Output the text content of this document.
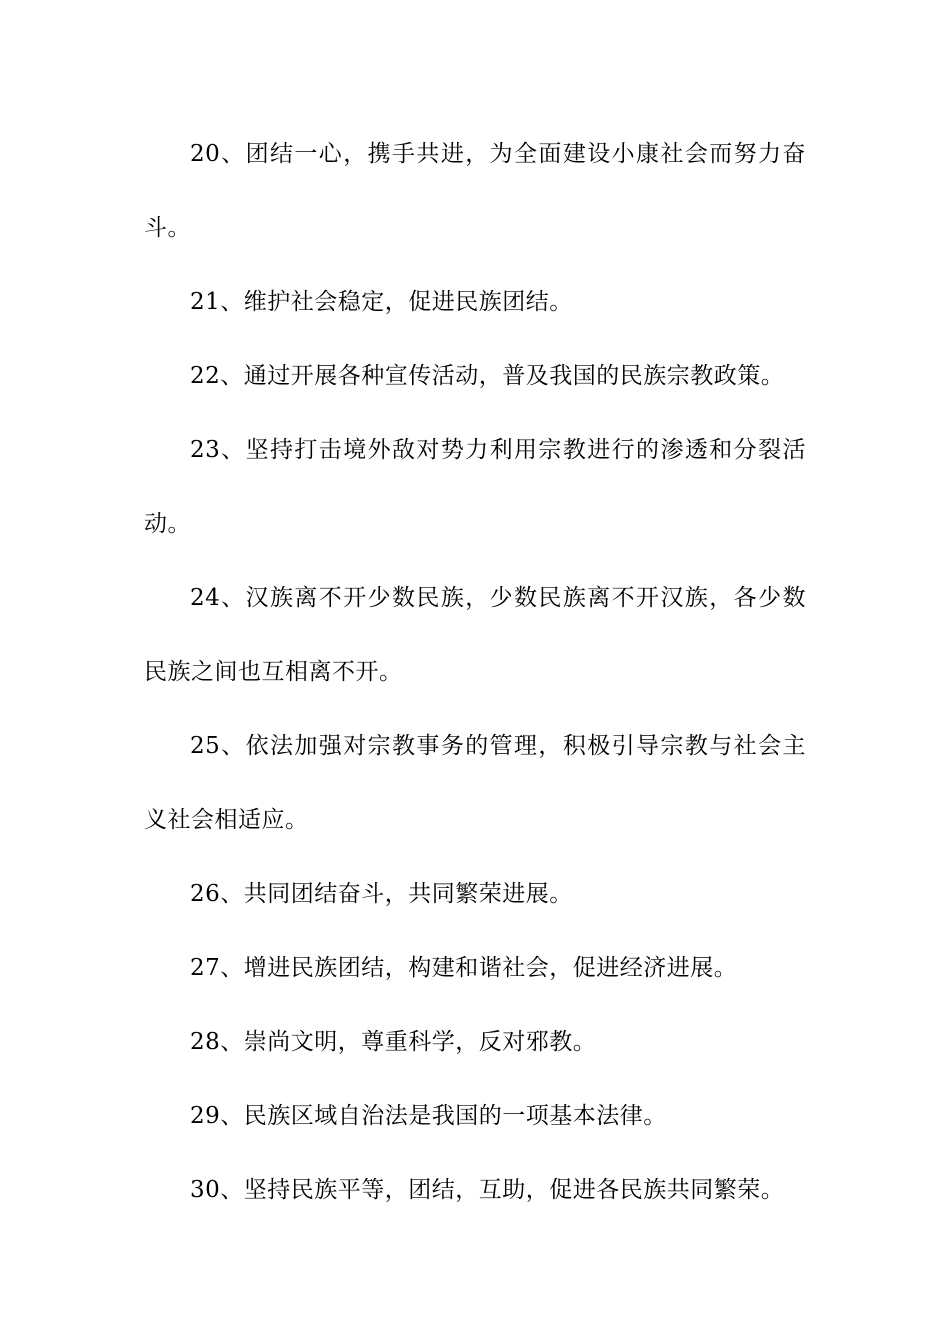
20、团结一心，携手共进，为全面建设小康社会而努力奋斗。

21、维护社会稳定，促进民族团结。

22、通过开展各种宣传活动，普及我国的民族宗教政策。

23、坚持打击境外敌对势力利用宗教进行的渗透和分裂活动。

24、汉族离不开少数民族，少数民族离不开汉族，各少数民族之间也互相离不开。

25、依法加强对宗教事务的管理，积极引导宗教与社会主义社会相适应。

26、共同团结奋斗，共同繁荣进展。

27、增进民族团结，构建和谐社会，促进经济进展。

28、崇尚文明，尊重科学，反对邪教。

29、民族区域自治法是我国的一项基本法律。

30、坚持民族平等，团结，互助，促进各民族共同繁荣。
